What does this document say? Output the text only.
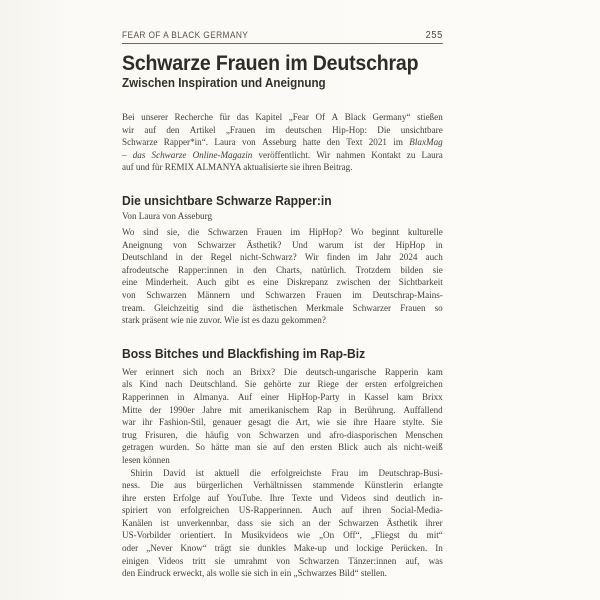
FEAR OF A BLACK GERMANY	255
Schwarze Frauen im Deutschrap
Zwischen Inspiration und Aneignung
Bei unserer Recherche für das Kapitel „Fear Of A Black Germany“ stießen
wir auf den Artikel „Frauen im deutschen Hip-Hop: Die unsichtbare
Schwarze Rapper*in“. Laura von Asseburg hatte den Text 2021 im BlaxMag
– das Schwarze Online-Magazin veröffentlicht. Wir nahmen Kontakt zu Laura
auf und für REMIX ALMANYA aktualisierte sie ihren Beitrag.
Die unsichtbare Schwarze Rapper:in
Von Laura von Asseburg
Wo sind sie, die Schwarzen Frauen im HipHop? Wo beginnt kulturelle
Aneignung von Schwarzer Ästhetik? Und warum ist der HipHop in
Deutschland in der Regel nicht-Schwarz? Wir finden im Jahr 2024 auch
afrodeutsche Rapper:innen in den Charts, natürlich. Trotzdem bilden sie
eine Minderheit. Auch gibt es eine Diskrepanz zwischen der Sichtbarkeit
von Schwarzen Männern und Schwarzen Frauen im Deutschrap-Mains-
tream. Gleichzeitig sind die ästhetischen Merkmale Schwarzer Frauen so
stark präsent wie nie zuvor. Wie ist es dazu gekommen?
Boss Bitches und Blackfishing im Rap-Biz
Wer erinnert sich noch an Brixx? Die deutsch-ungarische Rapperin kam
als Kind nach Deutschland. Sie gehörte zur Riege der ersten erfolgreichen
Rapperinnen in Almanya. Auf einer HipHop-Party in Kassel kam Brixx
Mitte der 1990er Jahre mit amerikanischem Rap in Berührung. Auffallend
war ihr Fashion-Stil, genauer gesagt die Art, wie sie ihre Haare stylte. Sie
trug Frisuren, die häufig von Schwarzen und afro-diasporischen Menschen
getragen wurden. So hätte man sie auf den ersten Blick auch als nicht-weiß
lesen können
Shirin David ist aktuell die erfolgreichste Frau im Deutschrap-Busi-
ness. Die aus bürgerlichen Verhältnissen stammende Künstlerin erlangte
ihre ersten Erfolge auf YouTube. Ihre Texte und Videos sind deutlich in-
spiriert von erfolgreichen US-Rapperinnen. Auch auf ihren Social-Media-
Kanälen ist unverkennbar, dass sie sich an der Schwarzen Ästhetik ihrer
US-Vorbilder orientiert. In Musikvideos wie „On Off“, „Fliegst du mit“
oder „Never Know“ trägt sie dunkles Make-up und lockige Perücken. In
einigen Videos tritt sie umrahmt von Schwarzen Tänzer:innen auf, was
den Eindruck erweckt, als wolle sie sich in ein „Schwarzes Bild“ stellen.
